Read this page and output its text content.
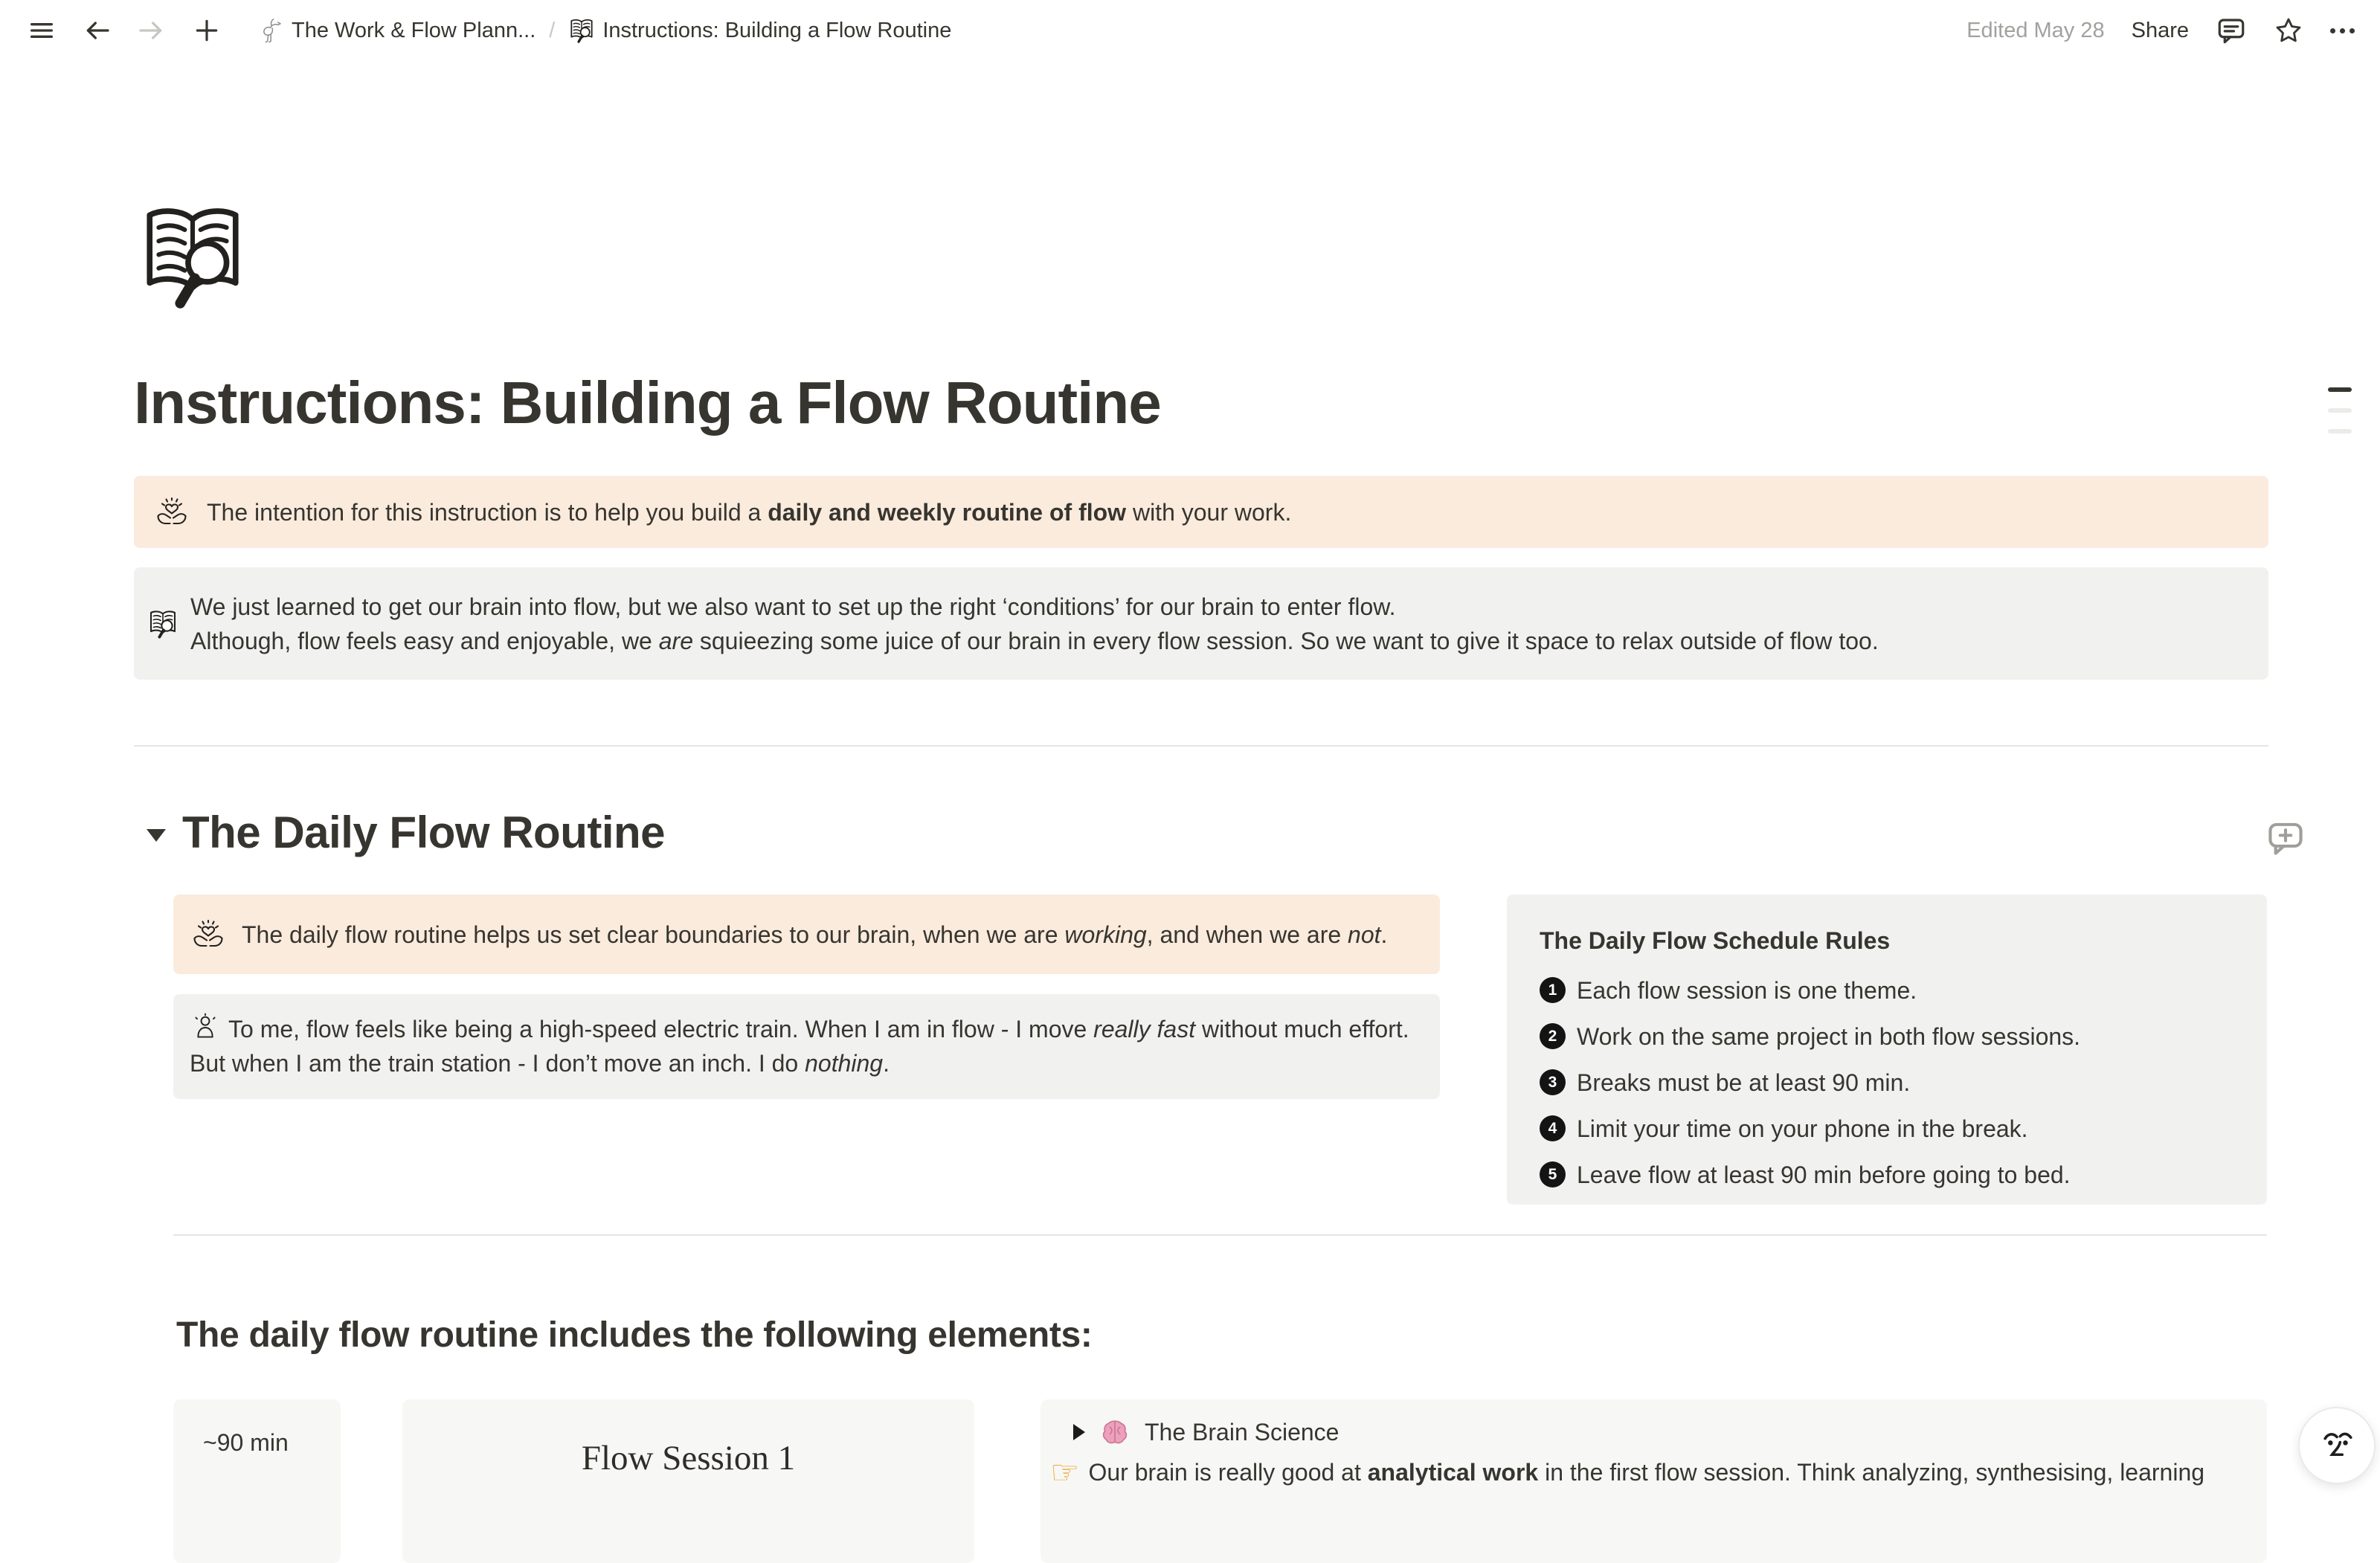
The Work & Flow Plann... / Instructions: Building a Flow Routine	Edited May 28 Share
Instructions: Building a Flow Routine
The intention for this instruction is to help you build a daily and weekly routine of flow with your work.
We just learned to get our brain into flow, but we also want to set up the right ‘conditions’ for our brain to enter flow.
Although, flow feels easy and enjoyable, we are squieezing some juice of our brain in every flow session. So we want to give it space to relax outside of flow too.
The Daily Flow Routine
The daily flow routine helps us set clear boundaries to our brain, when we are working, and when we are not.
To me, flow feels like being a high-speed electric train. When I am in flow - I move really fast without much effort.
But when I am the train station - I don’t move an inch. I do nothing.
The Daily Flow Schedule Rules
1 Each flow session is one theme.
2 Work on the same project in both flow sessions.
3 Breaks must be at least 90 min.
4 Limit your time on your phone in the break.
5 Leave flow at least 90 min before going to bed.
The daily flow routine includes the following elements:
~90 min	Flow Session 1
The Brain Science
☞ Our brain is really good at analytical work in the first flow session. Think analyzing, synthesising, learning
